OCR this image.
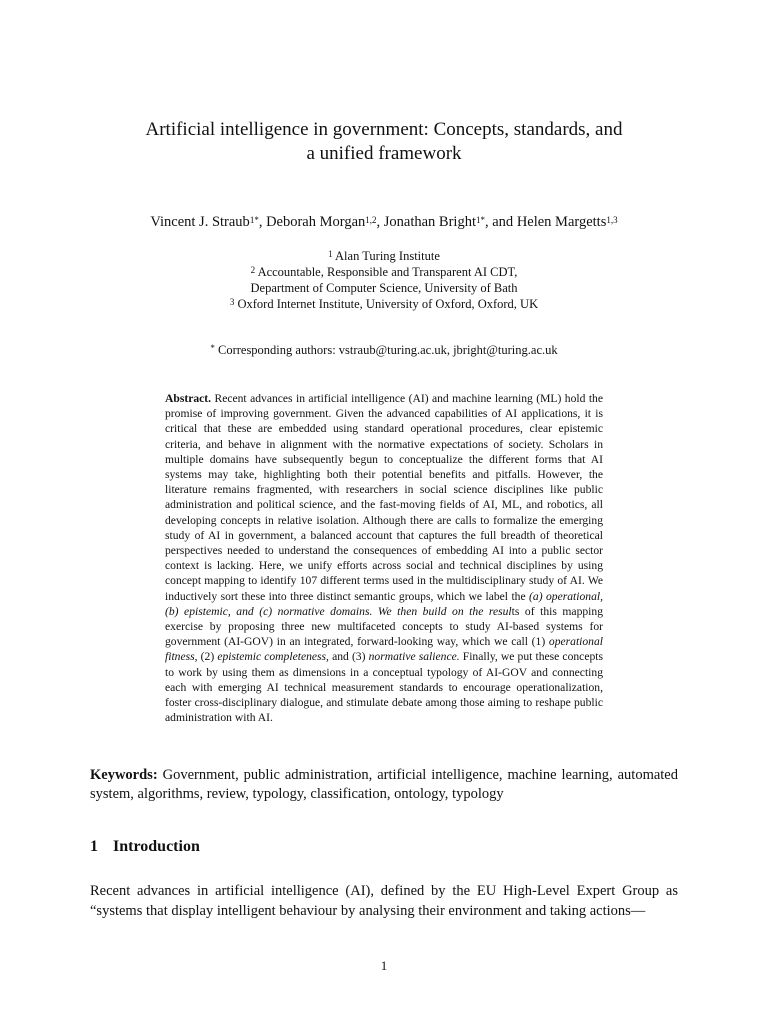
Artificial intelligence in government: Concepts, standards, and
a unified framework
Vincent J. Straub$^{1*}$, Deborah Morgan$^{1,2}$, Jonathan Bright$^{1*}$, and Helen Margetts$^{1,3}$
$^1$ Alan Turing Institute
$^2$ Accountable, Responsible and Transparent AI CDT,
Department of Computer Science, University of Bath
$^3$ Oxford Internet Institute, University of Oxford, Oxford, UK
* Corresponding authors: vstraub@turing.ac.uk, jbright@turing.ac.uk
Abstract. Recent advances in artificial intelligence (AI) and machine learning (ML) hold the promise of improving government. Given the advanced capabilities of AI applications, it is critical that these are embedded using standard operational procedures, clear epistemic criteria, and behave in alignment with the normative expectations of society. Scholars in multiple domains have subsequently begun to conceptualize the different forms that AI systems may take, highlighting both their potential benefits and pitfalls. However, the literature remains fragmented, with researchers in social science disciplines like public administration and political science, and the fast-moving fields of AI, ML, and robotics, all developing concepts in relative isolation. Although there are calls to formalize the emerging study of AI in government, a balanced account that captures the full breadth of theoretical perspectives needed to understand the consequences of embedding AI into a public sector context is lacking. Here, we unify efforts across social and technical disciplines by using concept mapping to identify 107 different terms used in the multidisciplinary study of AI. We inductively sort these into three distinct semantic groups, which we label the (a) operational, (b) epistemic, and (c) normative domains. We then build on the results of this mapping exercise by proposing three new multifaceted concepts to study AI-based systems for government (AI-GOV) in an integrated, forward-looking way, which we call (1) operational fitness, (2) epistemic completeness, and (3) normative salience. Finally, we put these concepts to work by using them as dimensions in a conceptual typology of AI-GOV and connecting each with emerging AI technical measurement standards to encourage operationalization, foster cross-disciplinary dialogue, and stimulate debate among those aiming to reshape public administration with AI.
Keywords: Government, public administration, artificial intelligence, machine learning, automated system, algorithms, review, typology, classification, ontology, typology
1 Introduction
Recent advances in artificial intelligence (AI), defined by the EU High-Level Expert Group as “systems that display intelligent behaviour by analysing their environment and taking actions—
1
